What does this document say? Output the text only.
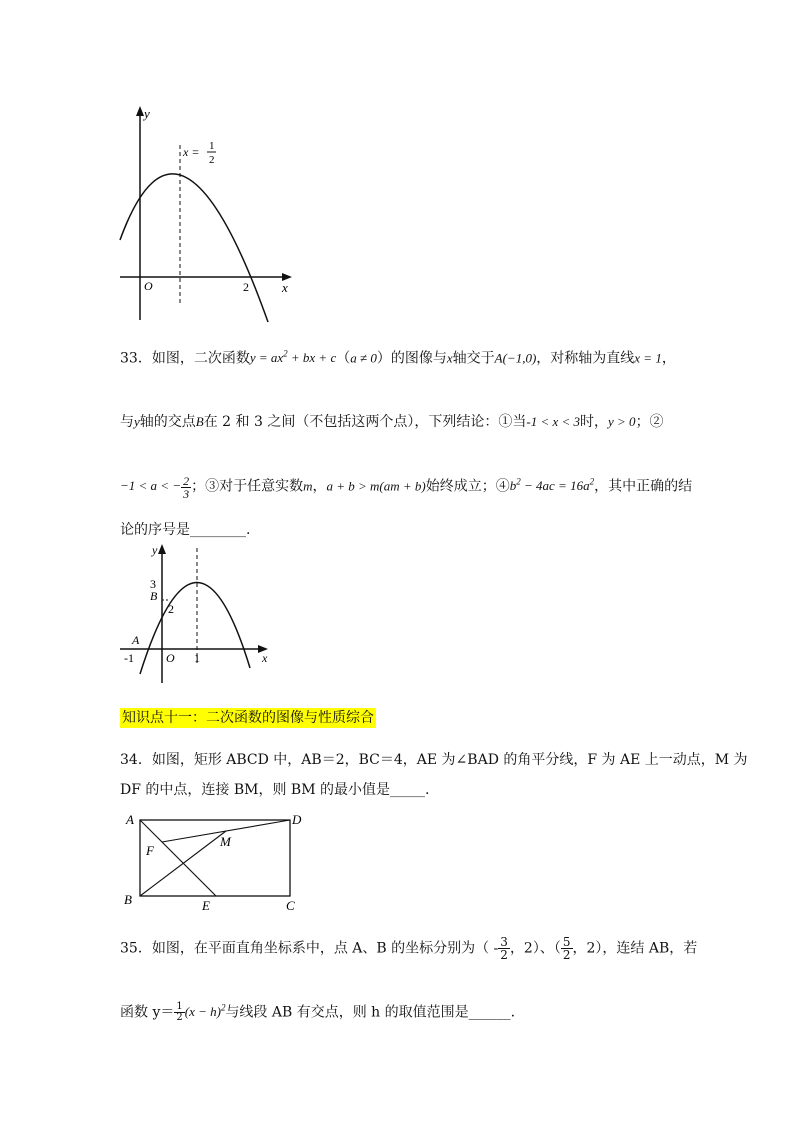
y
x
O	2
x = 1
2
33．如图，二次函数$y = ax^2$ + bx + c（a ≠ 0）的图像与x轴交于A(−1,0)，对称轴为直线x = 1，
与y轴的交点B在 2 和 3 之间（不包括这两个点），下列结论：①当-1 < x < 3时，y > 0；②
−1 < a < − $\frac{2}{3}$ ；③对于任意实数m，a + b > m(am + b)始终成立；$④b^2 - 4ac = 16a^2$，其中正确的结
论的序号是________.
y
x
3
B
2
A
-1	O 1
知识点十一：二次函数的图像与性质综合
34．如图，矩形 ABCD 中，AB＝2，BC＝4，AE 为∠BAD 的角平分线，F 为 AE 上一动点，M 为
DF 的中点，连接 BM，则 BM 的最小值是_____.
A	D
B	C
E
F
M
35．如图，在平面直角坐标系中，点 A、B 的坐标分别为（ - $\frac{3}{2}$ ，2）、（ $\frac{5}{2}$ ，2），连结 AB，若
函数 $y= \frac{1}{2} (x - h)^2$与线段 AB 有交点，则 h 的取值范围是______.
